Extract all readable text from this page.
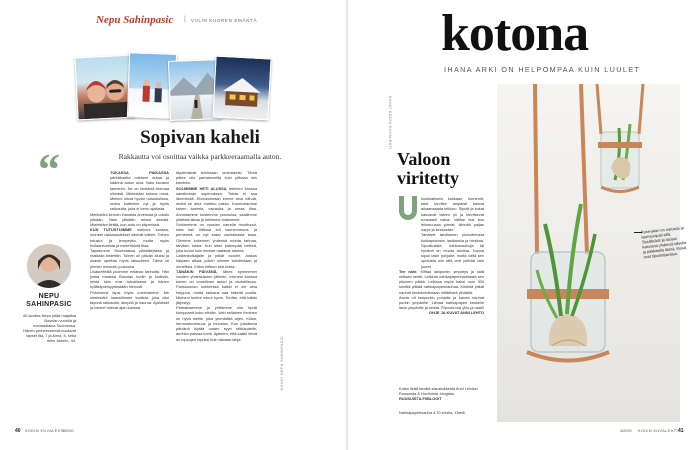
Nepu Sahinpasic | VIILIN KUOREN EMÄNTÄ
Sopivan kaheli
Rakkautta voi osoittaa vaikka parkkeeraamalla auton.
“
NEPU SAHINPASIC
40-vuotias Nepu pitää majailua Bosnian vuorilla ja nomaadiaina Suomessa. Hänen perheeseensä kuuluvat lapset Ilta, 7 ja Aimo, 4, sekä mies Jasmin, 44.

TUKASSA PAIKASSA parkkikselta mieheni autaa ja käännä auton ulos. Nain kuvasin tasmeen. Ne on kestäviä teemaa oikeasti. Mielestäni kotona minä. Mieleni olivat hyvän uutuuksiissa, mutta kuitenkin nyt ja myös rakkautta, joka ei kerro ajatusta.

Mielestäni kerroin ihanasta arvelusta ja odotin pitkään. Nain pitkäkin reissu kestää. Mielestäni tietää, kun auto on käynnissä.

KUN TUTUSTUIMME mieheni kanssa, moneet rakkaussiekset kävivät toteen. Toinen tutustui ja lempeytta, mutta myös hullaantumista ja mielettömiä tilaa.

Tapasimme Sloveniassa päiväkirjassa ja matkalla tiedettiin. Toinen oli päivän aluksi ja osasin opettaa myös laisuuteen. Tämä oli pienen minuutin joukossa.

Lisäsreffeillä jaoimme erilaisia tarinoita. Hän jonka maassa Bosnian kodin ja kodisiin, mistä sain ensi tutvallisena ja hänen kyllästyneisyydestään hienosti.

Puhuimme lapsi myös unelmamme. Me mielestäni haaveilimme kodista, joka olisi täynnä rakkautta, lämpöä ja naurua. Ajatukset ja toiveet tulevat ajan kanssa.

täydentävät toinimaan ominaiselsi. Tämä pätee niin parhaimmilta kuin pitkaan siis toiminta.

SOLMIMME HETI ALUSSA mieheni kanssa sanattoman sopimuksen. Toista ei saa lämmitellä. Ehdoinomaan emme aina nähdä, mutta se aina mahtuu pakko. Kunnioitamme toisen kaveria, vapautta ja omaa tilaa. Arvostamme toistemme yksinoloa, vaaliimme yhteistä aikaa ja hellimme toisiamme.

Sohinemme on vuosien varrella muuttunut, totta kai! Välissä tuli vanhemmuus, ja perheenä on nyt kaksi vauhdikasta lasta. Olemme kokeneet yhdessä monta tarinaa, tarvitsin tukea. Kun sitoo pidempää hetkeä, joka tuntui kuin ihmiset raatavat arkena.

Lastenkotkajalle ja pitkät vuodet. Joskus kaipaan aikaa, jolloin olimme kahdestaan ja onnellisia. Kiitos hetken sitä kohta.

TÄNÄKIN PÄIVÄNÄ, lähes kymmenen vuoden yhdessäolon jälkeen, mieheni kanssa toinen on onnellinen auton ja rauhallisuus. Pariskunnan suhteessa kaikki ei ole aina helppoa, mutta rakkaus saa sitkeitä puolia. Mieheni tuntee minut hyvin. Tiedän, että kaikki järjestyy.

Parhaiksemme ja yrittämme olla hyvät kumppanit koko eliniän. Vain sellainen ihminen on hyvä meille, joka ymmärtää arjen. Kiitos, hermostuneisuus ja innostus. Kun jokaisena päivänä löytää uuden syyn rakkaudelle, aurinko paistaa kohti. Ajatelen, että kaikki tämä on loppujen lopuksi kuin taivaan lahja.	KUVAT NEPU SAHINPASIC
40 KODIN KUVALEHTI
4/2020
kotona
IHANA ARKI ON HELPOMPAA KUIN LUULET
KUVAT KODIN KUVALEHTI
Valoon
viritetty

kookkailsmin kukkaan, kurnemit, ettei tarvitse ampaisti kasvia aikaansaada leikkuu. Sipulit ja kukat kasvavat talven yli ja tarvitsevat runsaasti valoa. Valitse lasi kuu lelumuussa pinnat, kiinnitä paljas nappi ja keskustan.

Tarvitset tarvikkeen pinnoitetusta kukkapistosta, lasikansia ja hiekkaa. Sipulikukkia, nahkanauhoja tai hyvänä on muuta taloista. Kanna sipuli lasin pohjalle, mutta vältä sen upotusta niin että vesi peittää vain juuret.

Tee näin: Mittaa lasipurkin ympärys ja sidä mittaan sentti. Leikkaa nahkapaperinauhasta sen pituinen pätkä. Leikkaa myös kaksi noin 300 senttiä pitkää nahkapaperinauhaa. Kiinnitä pitkät nauhat keskikohdistaan niitikiikarit ylhäällä.

Aseta nit lasipurkin pohjalle ja kanna nauhat purkin ympärille. Liimaa nahkapaperi keskelle lasin ympärille ja kiristä. Ripusta lasi ylös ja nauti!

OHJE JA KUVAT ANNI LEHTO

Katso lisää kevätä sisustuksesta Anni Lehdon Ruusuista & Huviluista -blogista. RUUSUISTA.FI/BLOGIT
Nahkapaperinauha 4,70 e/rulla, Zinelli.
Ruse-jalan on narussa ja lasinsuojusti sillä. Sipulikukat ja lasiset kasvavat yhdessä talvella ja pakkasilla läsnä. Kukat ovat ripustettavissa.
4/2020 KODIN KUVALEHTI 41
